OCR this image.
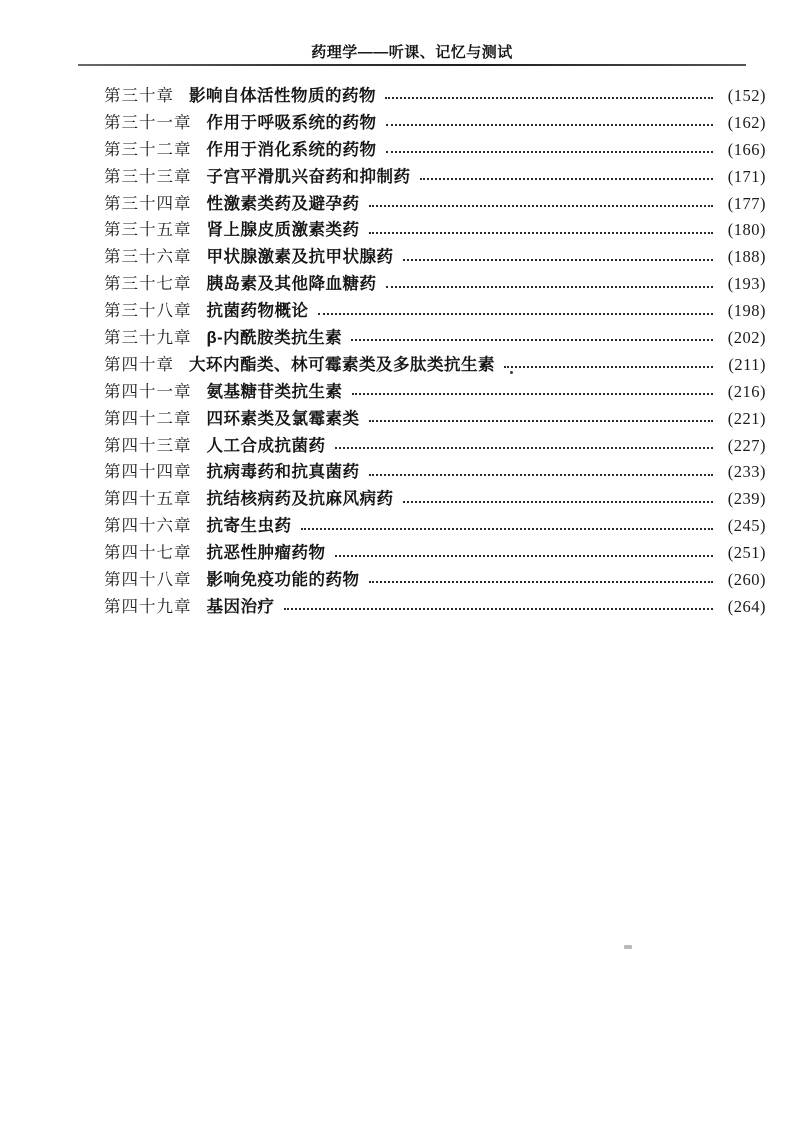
药理学——听课、记忆与测试
第三十章 影响自体活性物质的药物	(152)
第三十一章 作用于呼吸系统的药物	(162)
第三十二章 作用于消化系统的药物	(166)
第三十三章 子宫平滑肌兴奋药和抑制药	(171)
第三十四章 性激素类药及避孕药	(177)
第三十五章 肾上腺皮质激素类药	(180)
第三十六章 甲状腺激素及抗甲状腺药	(188)
第三十七章 胰岛素及其他降血糖药	(193)
第三十八章 抗菌药物概论	(198)
第三十九章 β-内酰胺类抗生素	(202)
第四十章 大环内酯类、林可霉素类及多肽类抗生素	(211)
第四十一章 氨基糖苷类抗生素	(216)
第四十二章 四环素类及氯霉素类	(221)
第四十三章 人工合成抗菌药	(227)
第四十四章 抗病毒药和抗真菌药	(233)
第四十五章 抗结核病药及抗麻风病药	(239)
第四十六章 抗寄生虫药	(245)
第四十七章 抗恶性肿瘤药物	(251)
第四十八章 影响免疫功能的药物	(260)
第四十九章 基因治疗	(264)
